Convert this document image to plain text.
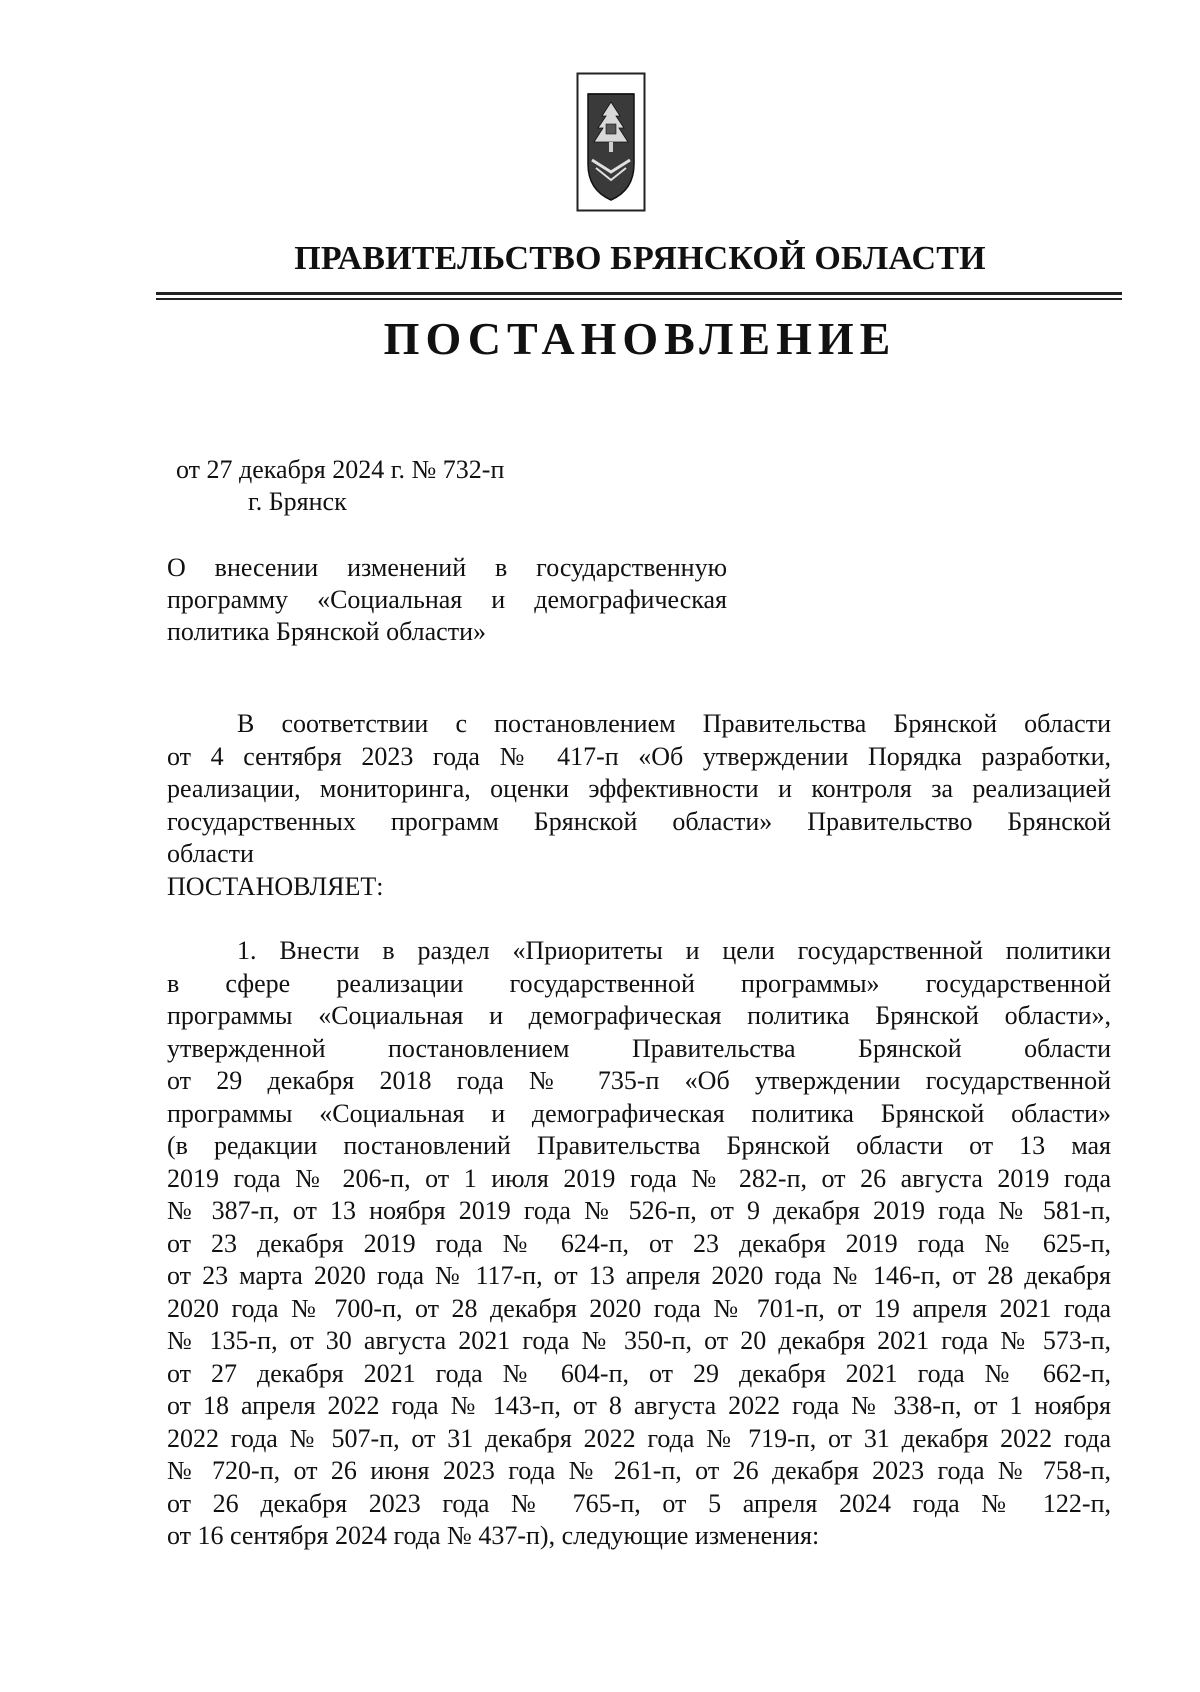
ПРАВИТЕЛЬСТВО БРЯНСКОЙ ОБЛАСТИ
ПОСТАНОВЛЕНИЕ
от 27 декабря 2024 г. № 732-п
г. Брянск
О внесении изменений в государственную
программу «Социальная и демографическая
политика Брянской области»
В соответствии с постановлением Правительства Брянской области
от 4 сентября 2023 года № 417-п «Об утверждении Порядка разработки,
реализации, мониторинга, оценки эффективности и контроля за реализацией
государственных программ Брянской области» Правительство Брянской
области
ПОСТАНОВЛЯЕТ:
1. Внести в раздел «Приоритеты и цели государственной политики
в сфере реализации государственной программы» государственной
программы «Социальная и демографическая политика Брянской области»,
утвержденной постановлением Правительства Брянской области
от 29 декабря 2018 года № 735-п «Об утверждении государственной
программы «Социальная и демографическая политика Брянской области»
(в редакции постановлений Правительства Брянской области от 13 мая
2019 года № 206-п, от 1 июля 2019 года № 282-п, от 26 августа 2019 года
№ 387-п, от 13 ноября 2019 года № 526-п, от 9 декабря 2019 года № 581-п,
от 23 декабря 2019 года № 624-п, от 23 декабря 2019 года № 625-п,
от 23 марта 2020 года № 117-п, от 13 апреля 2020 года № 146-п, от 28 декабря
2020 года № 700-п, от 28 декабря 2020 года № 701-п, от 19 апреля 2021 года
№ 135-п, от 30 августа 2021 года № 350-п, от 20 декабря 2021 года № 573-п,
от 27 декабря 2021 года № 604-п, от 29 декабря 2021 года № 662-п,
от 18 апреля 2022 года № 143-п, от 8 августа 2022 года № 338-п, от 1 ноября
2022 года № 507-п, от 31 декабря 2022 года № 719-п, от 31 декабря 2022 года
№ 720-п, от 26 июня 2023 года № 261-п, от 26 декабря 2023 года № 758-п,
от 26 декабря 2023 года № 765-п, от 5 апреля 2024 года № 122-п,
от 16 сентября 2024 года № 437-п), следующие изменения:
